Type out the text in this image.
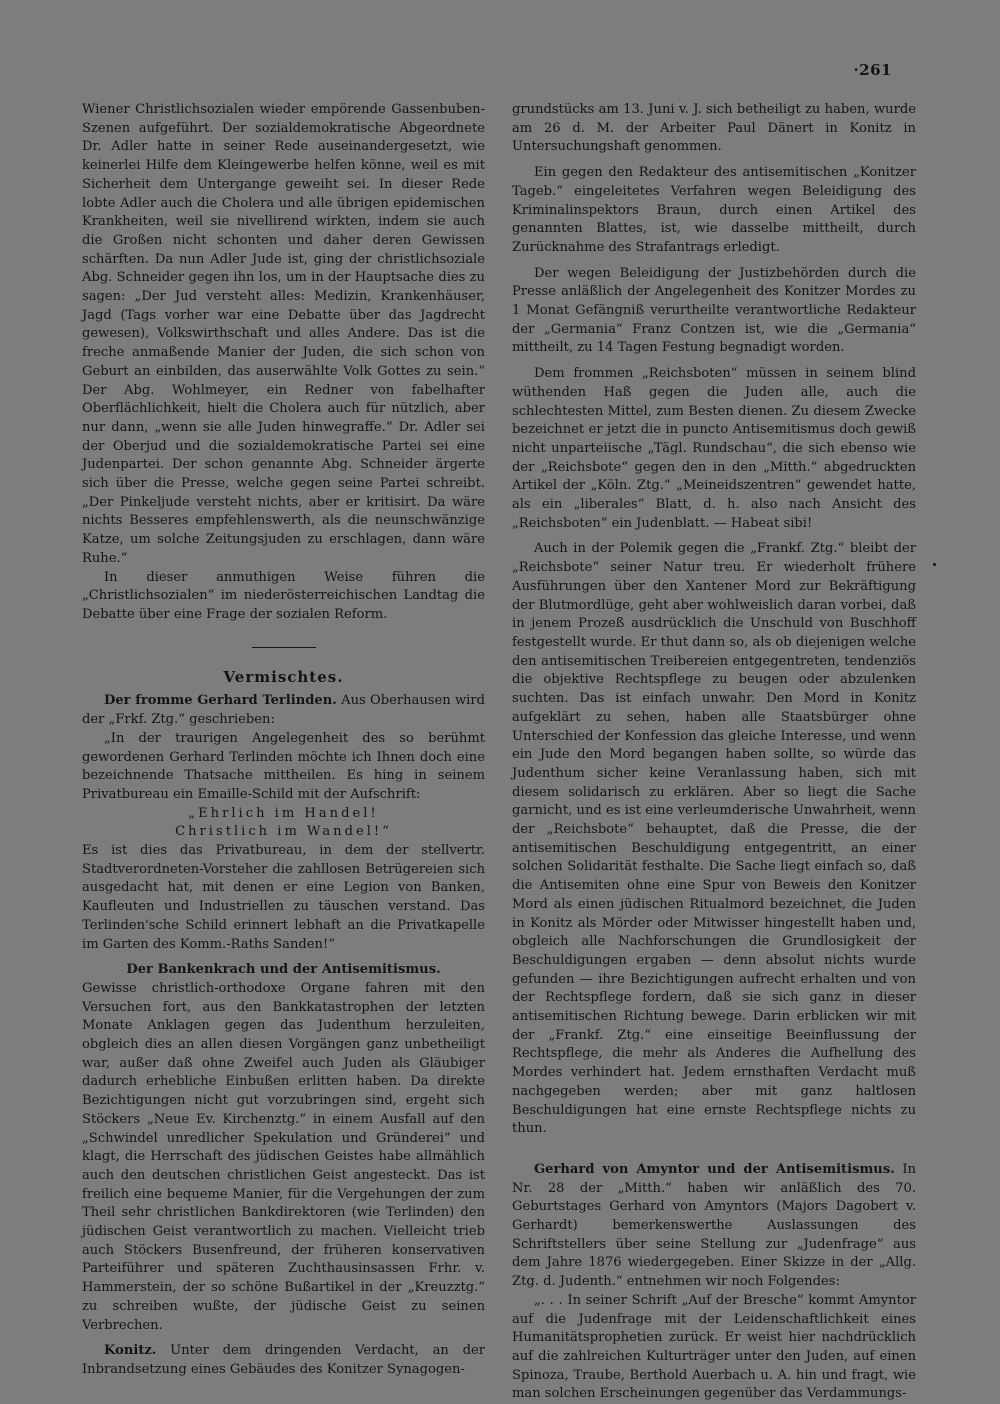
·261

Wiener Christlichsozialen wieder empörende Gassenbuben-Szenen aufgeführt. Der sozialdemokratische Abgeordnete Dr. Adler hatte in seiner Rede auseinandergesetzt, wie keinerlei Hilfe dem Kleingewerbe helfen könne, weil es mit Sicherheit dem Untergange geweiht sei. In dieser Rede lobte Adler auch die Cholera und alle übrigen epidemischen Krankheiten, weil sie nivellirend wirkten, indem sie auch die Großen nicht schonten und daher deren Gewissen schärften. Da nun Adler Jude ist, ging der christlichsoziale Abg. Schneider gegen ihn los, um in der Hauptsache dies zu sagen: „Der Jud versteht alles: Medizin, Krankenhäuser, Jagd (Tags vorher war eine Debatte über das Jagdrecht gewesen), Volkswirthschaft und alles Andere. Das ist die freche anmaßende Manier der Juden, die sich schon von Geburt an einbilden, das auserwählte Volk Gottes zu sein.“ Der Abg. Wohlmeyer, ein Redner von fabelhafter Oberflächlichkeit, hielt die Cholera auch für nützlich, aber nur dann, „wenn sie alle Juden hinwegraffe.“ Dr. Adler sei der Oberjud und die sozialdemokratische Partei sei eine Judenpartei. Der schon genannte Abg. Schneider ärgerte sich über die Presse, welche gegen seine Partei schreibt. „Der Pinkeljude versteht nichts, aber er kritisirt. Da wäre nichts Besseres empfehlenswerth, als die neunschwänzige Katze, um solche Zeitungsjuden zu erschlagen, dann wäre Ruhe.“

In dieser anmuthigen Weise führen die „Christlichsozialen“ im niederösterreichischen Landtag die Debatte über eine Frage der sozialen Reform.

Vermischtes.

Der fromme Gerhard Terlinden. Aus Oberhausen wird der „Frkf. Ztg.“ geschrieben:

„In der traurigen Angelegenheit des so berühmt gewordenen Gerhard Terlinden möchte ich Ihnen doch eine bezeichnende Thatsache mittheilen. Es hing in seinem Privatbureau ein Emaille-Schild mit der Aufschrift:

„Ehrlich im Handel!

Christlich im Wandel!“

Es ist dies das Privatbureau, in dem der stellvertr. Stadtverordneten-Vorsteher die zahllosen Betrügereien sich ausgedacht hat, mit denen er eine Legion von Banken, Kaufleuten und Industriellen zu täuschen verstand. Das Terlinden'sche Schild erinnert lebhaft an die Privatkapelle im Garten des Komm.-Raths Sanden!“

Der Bankenkrach und der Antisemitismus.

Gewisse christlich-orthodoxe Organe fahren mit den Versuchen fort, aus den Bankkatastrophen der letzten Monate Anklagen gegen das Judenthum herzuleiten, obgleich dies an allen diesen Vorgängen ganz unbetheiligt war, außer daß ohne Zweifel auch Juden als Gläubiger dadurch erhebliche Einbußen erlitten haben. Da direkte Bezichtigungen nicht gut vorzubringen sind, ergeht sich Stöckers „Neue Ev. Kirchenztg.“ in einem Ausfall auf den „Schwindel unredlicher Spekulation und Gründerei“ und klagt, die Herrschaft des jüdischen Geistes habe allmählich auch den deutschen christlichen Geist angesteckt. Das ist freilich eine bequeme Manier, für die Vergehungen der zum Theil sehr christlichen Bankdirektoren (wie Terlinden) den jüdischen Geist verantwortlich zu machen. Vielleicht trieb auch Stöckers Busenfreund, der früheren konservativen Parteiführer und späteren Zuchthausinsassen Frhr. v. Hammerstein, der so schöne Bußartikel in der „Kreuzztg.“ zu schreiben wußte, der jüdische Geist zu seinen Verbrechen.

Konitz. Unter dem dringenden Verdacht, an der Inbrandsetzung eines Gebäudes des Konitzer Synagogen-

grundstücks am 13. Juni v. J. sich betheiligt zu haben, wurde am 26 d. M. der Arbeiter Paul Dänert in Konitz in Untersuchungshaft genommen.

Ein gegen den Redakteur des antisemitischen „Konitzer Tageb.“ eingeleitetes Verfahren wegen Beleidigung des Kriminalinspektors Braun, durch einen Artikel des genannten Blattes, ist, wie dasselbe mittheilt, durch Zurücknahme des Strafantrags erledigt.

Der wegen Beleidigung der Justizbehörden durch die Presse anläßlich der Angelegenheit des Konitzer Mordes zu 1 Monat Gefängniß verurtheilte verantwortliche Redakteur der „Germania“ Franz Contzen ist, wie die „Germania“ mittheilt, zu 14 Tagen Festung begnadigt worden.

Dem frommen „Reichsboten“ müssen in seinem blind wüthenden Haß gegen die Juden alle, auch die schlechtesten Mittel, zum Besten dienen. Zu diesem Zwecke bezeichnet er jetzt die in puncto Antisemitismus doch gewiß nicht unparteiische „Tägl. Rundschau“, die sich ebenso wie der „Reichsbote“ gegen den in den „Mitth.“ abgedruckten Artikel der „Köln. Ztg.“ „Meineidszentren“ gewendet hatte, als ein „liberales“ Blatt, d. h. also nach Ansicht des „Reichsboten“ ein Judenblatt. — Habeat sibi!

Auch in der Polemik gegen die „Frankf. Ztg.“ bleibt der „Reichsbote“ seiner Natur treu. Er wiederholt frühere Ausführungen über den Xantener Mord zur Bekräftigung der Blutmordlüge, geht aber wohlweislich daran vorbei, daß in jenem Prozeß ausdrücklich die Unschuld von Buschhoff festgestellt wurde. Er thut dann so, als ob diejenigen welche den antisemitischen Treibereien entgegentreten, tendenziös die objektive Rechtspflege zu beugen oder abzulenken suchten. Das ist einfach unwahr. Den Mord in Konitz aufgeklärt zu sehen, haben alle Staatsbürger ohne Unterschied der Konfession das gleiche Interesse, und wenn ein Jude den Mord begangen haben sollte, so würde das Judenthum sicher keine Veranlassung haben, sich mit diesem solidarisch zu erklären. Aber so liegt die Sache garnicht, und es ist eine verleumderische Unwahrheit, wenn der „Reichsbote“ behauptet, daß die Presse, die der antisemitischen Beschuldigung entgegentritt, an einer solchen Solidarität festhalte. Die Sache liegt einfach so, daß die Antisemiten ohne eine Spur von Beweis den Konitzer Mord als einen jüdischen Ritualmord bezeichnet, die Juden in Konitz als Mörder oder Mitwisser hingestellt haben und, obgleich alle Nachforschungen die Grundlosigkeit der Beschuldigungen ergaben — denn absolut nichts wurde gefunden — ihre Bezichtigungen aufrecht erhalten und von der Rechtspflege fordern, daß sie sich ganz in dieser antisemitischen Richtung bewege. Darin erblicken wir mit der „Frankf. Ztg.“ eine einseitige Beeinflussung der Rechtspflege, die mehr als Anderes die Aufhellung des Mordes verhindert hat. Jedem ernsthaften Verdacht muß nachgegeben werden; aber mit ganz haltlosen Beschuldigungen hat eine ernste Rechtspflege nichts zu thun.

Gerhard von Amyntor und der Antisemitismus. In Nr. 28 der „Mitth.“ haben wir anläßlich des 70. Geburtstages Gerhard von Amyntors (Majors Dagobert v. Gerhardt) bemerkenswerthe Auslassungen des Schriftstellers über seine Stellung zur „Judenfrage“ aus dem Jahre 1876 wiedergegeben. Einer Skizze in der „Allg. Ztg. d. Judenth.“ entnehmen wir noch Folgendes:

„. . . In seiner Schrift „Auf der Bresche“ kommt Amyntor auf die Judenfrage mit der Leidenschaftlichkeit eines Humanitätsprophetien zurück. Er weist hier nachdrücklich auf die zahlreichen Kulturträger unter den Juden, auf einen Spinoza, Traube, Berthold Auerbach u. A. hin und fragt, wie man solchen Erscheinungen gegenüber das Verdammungs-
